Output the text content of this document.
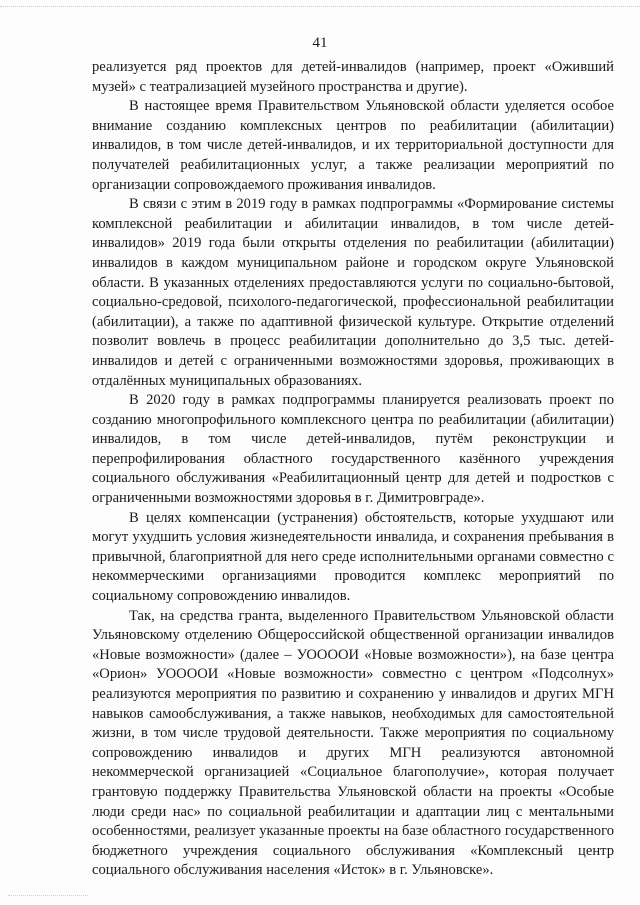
41

реализуется ряд проектов для детей-инвалидов (например, проект «Оживший музей» с театрализацией музейного пространства и другие).

В настоящее время Правительством Ульяновской области уделяется особое внимание созданию комплексных центров по реабилитации (абилитации) инвалидов, в том числе детей-инвалидов, и их территориальной доступности для получателей реабилитационных услуг, а также реализации мероприятий по организации сопровождаемого проживания инвалидов.

В связи с этим в 2019 году в рамках подпрограммы «Формирование системы комплексной реабилитации и абилитации инвалидов, в том числе детей-инвалидов» 2019 года были открыты отделения по реабилитации (абилитации) инвалидов в каждом муниципальном районе и городском округе Ульяновской области. В указанных отделениях предоставляются услуги по социально-бытовой, социально-средовой, психолого-педагогической, профессиональной реабилитации (абилитации), а также по адаптивной физической культуре. Открытие отделений позволит вовлечь в процесс реабилитации дополнительно до 3,5 тыс. детей-инвалидов и детей с ограниченными возможностями здоровья, проживающих в отдалённых муниципальных образованиях.

В 2020 году в рамках подпрограммы планируется реализовать проект по созданию многопрофильного комплексного центра по реабилитации (абилитации) инвалидов, в том числе детей-инвалидов, путём реконструкции и перепрофилирования областного государственного казённого учреждения социального обслуживания «Реабилитационный центр для детей и подростков с ограниченными возможностями здоровья в г. Димитровграде».

В целях компенсации (устранения) обстоятельств, которые ухудшают или могут ухудшить условия жизнедеятельности инвалида, и сохранения пребывания в привычной, благоприятной для него среде исполнительными органами совместно с некоммерческими организациями проводится комплекс мероприятий по социальному сопровождению инвалидов.

Так, на средства гранта, выделенного Правительством Ульяновской области Ульяновскому отделению Общероссийской общественной организации инвалидов «Новые возможности» (далее – УООООИ «Новые возможности»), на базе центра «Орион» УООООИ «Новые возможности» совместно с центром «Подсолнух» реализуются мероприятия по развитию и сохранению у инвалидов и других МГН навыков самообслуживания, а также навыков, необходимых для самостоятельной жизни, в том числе трудовой деятельности. Также мероприятия по социальному сопровождению инвалидов и других МГН реализуются автономной некоммерческой организацией «Социальное благополучие», которая получает грантовую поддержку Правительства Ульяновской области на проекты «Особые люди среди нас» по социальной реабилитации и адаптации лиц с ментальными особенностями, реализует указанные проекты на базе областного государственного бюджетного учреждения социального обслуживания «Комплексный центр социального обслуживания населения «Исток» в г. Ульяновске».
